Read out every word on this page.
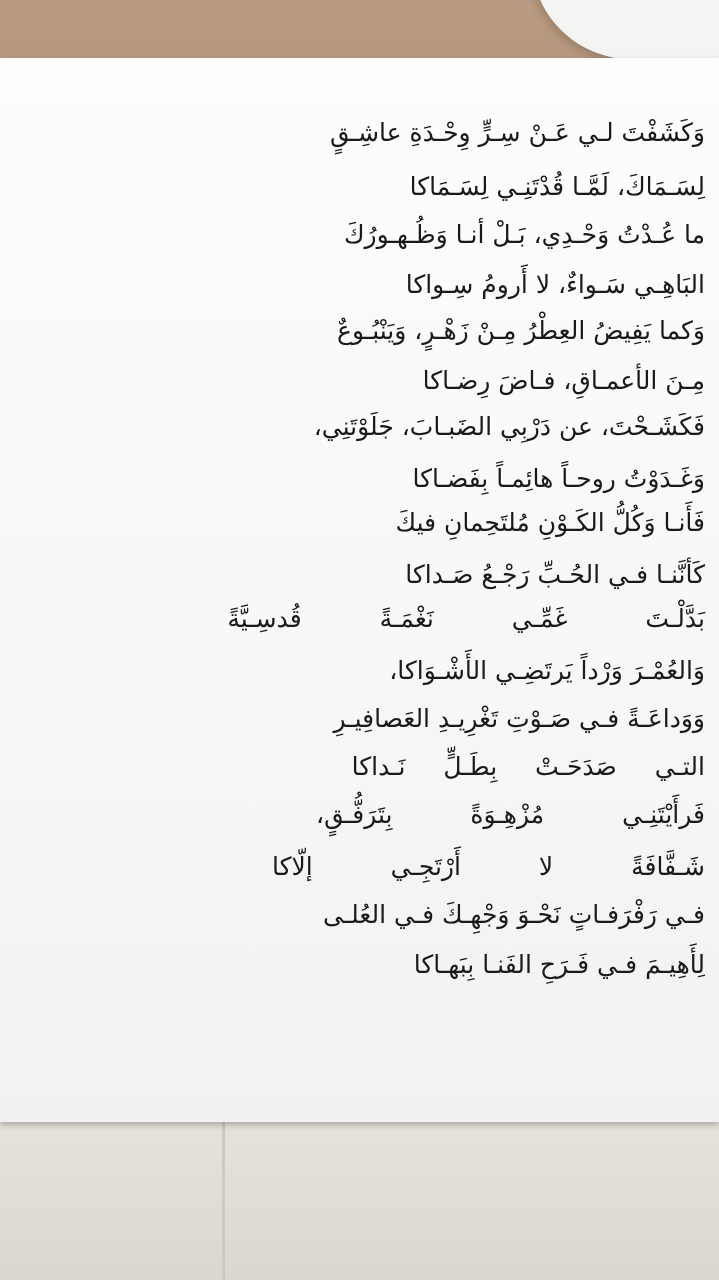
وَكَشَفْتَ لـي عَـنْ سِـرٍّ وِحْـدَةِ عاشِـقٍ

لِسَـمَاكَ، لَمَّـا قُدْتَنِـي لِسَـمَاكا

ما عُـدْتُ وَحْـدِي، بَـلْ أنـا وَظُـهـورُكَ

البَاهِـي سَـواءٌ، لا أَرومُ سِـواكا

وَكما يَفِيضُ العِطْرُ مِـنْ زَهْـرٍ، وَيَنْبُـوعٌ

مِـنَ الأعمـاقِ، فـاضَ رِضـاكا

فَكَشَـحْتَ، عن دَرْبِي الضَبـابَ، جَلَوْتَنِي،

وَغَـدَوْتُ روحـاً هائِمـاً بِفَضـاكا

فَأَنـا وَكُلُّ الكَـوْنِ مُلتَحِمانِ فيكَ

كَأنَّنـا فـي الحُـبِّ رَجْـعُ صَـداكا

بَدَّلْـتَ غَمِّـي نَغْمَـةً قُدسِـيَّةً

وَالعُمْـرَ وَرْداً يَرتَضِـي الأَشْـوَاكا،

وَوَداعَـةً فـي صَـوْتِ تَغْرِيـدِ العَصافِيـرِ

التـي صَدَحَـتْ بِطَـلٍّ نَـداكا

فَرأَيْتَنِـي مُزْهِـوَةً بِتَرَفُّـقٍ،

شَـفَّافَةً لا أَرْتَجِـي إلّاكا

فـي رَفْرَفـاتٍ نَحْـوَ وَجْهِـكَ فـي العُلـى

لِأَهِيـمَ فـي فَـرَحِ الفَنـا بِبَهـاكا
